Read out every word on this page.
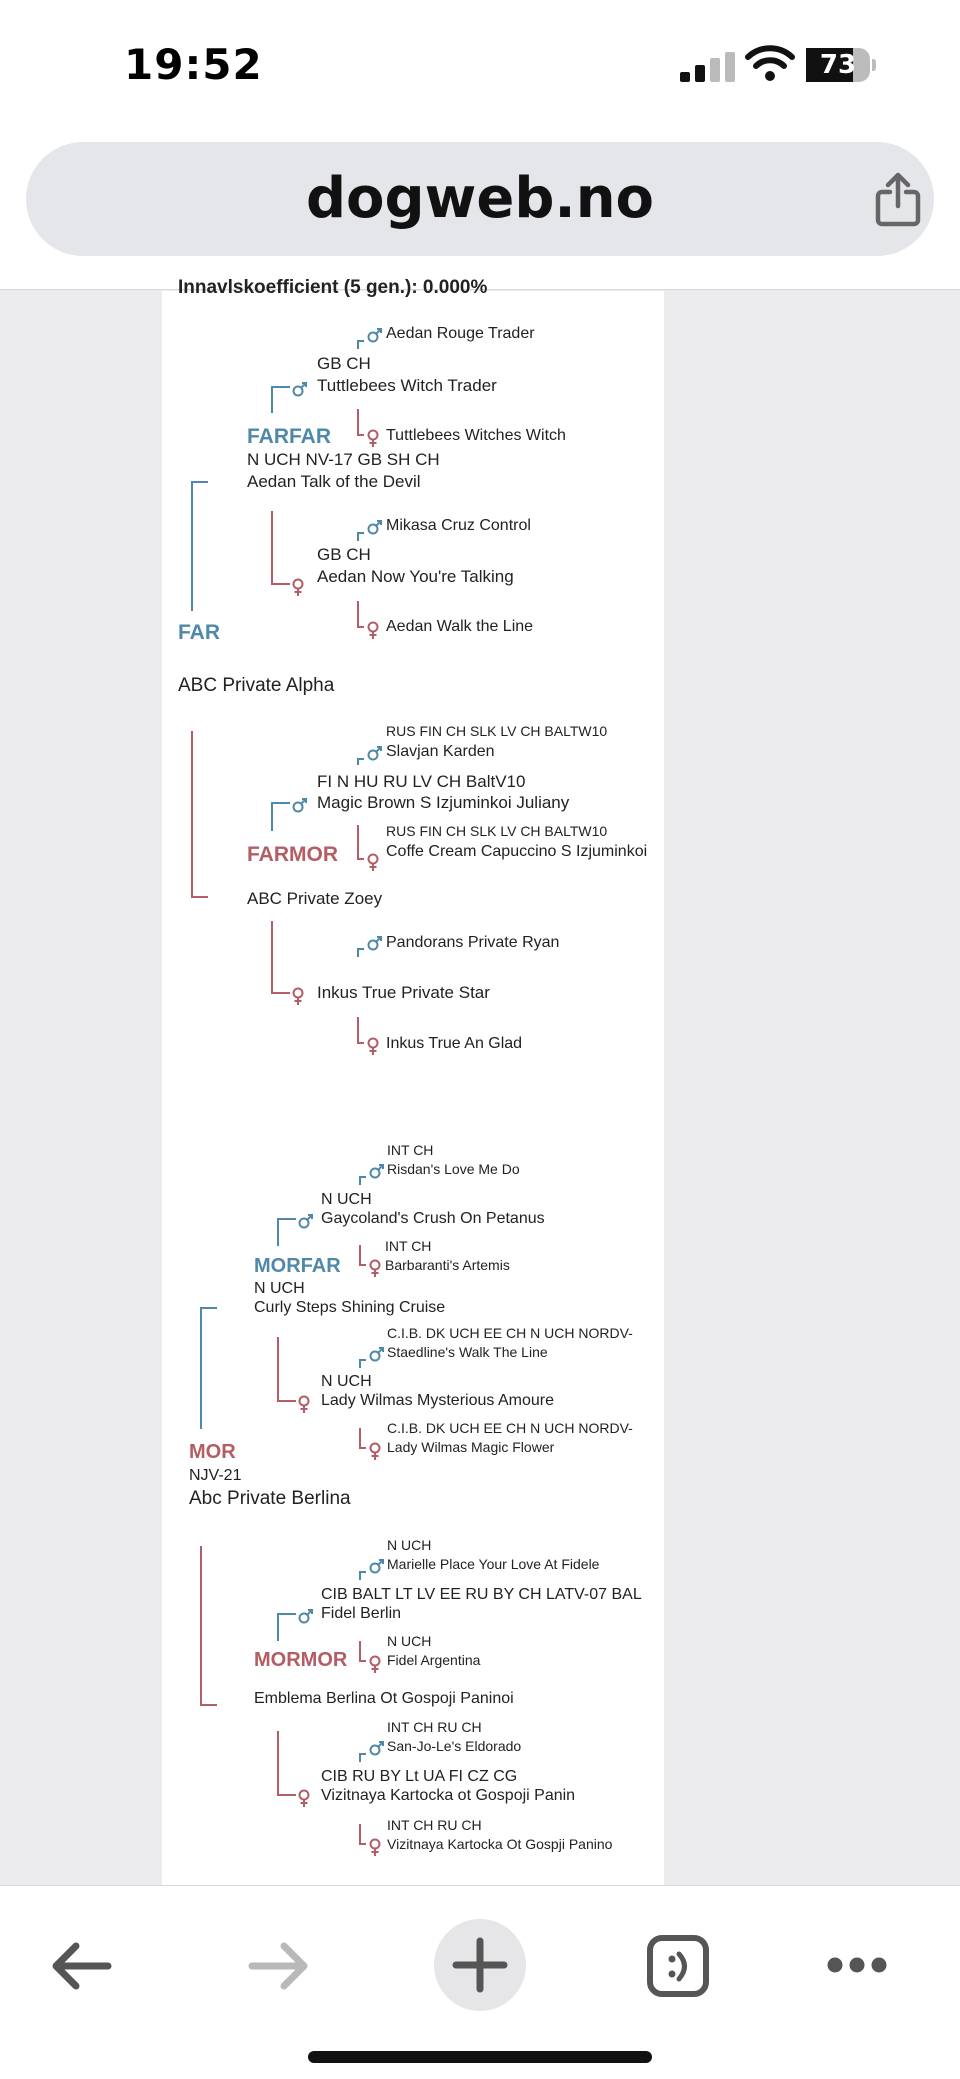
19:52	73
dogweb.no
Innavlskoefficient (5 gen.): 0.000%
Aedan Rouge Trader
Tuttlebees Witches Witch
Mikasa Cruz Control
Aedan Walk the Line
RUS FIN CH SLK LV CH BALTW10
Slavjan Karden
RUS FIN CH SLK LV CH BALTW10
Coffe Cream Capuccino S Izjuminkoi
Pandorans Private Ryan
Inkus True An Glad
INT CH
Risdan's Love Me Do
INT CH
Barbaranti's Artemis
C.I.B. DK UCH EE CH N UCH NORDV-
Staedline's Walk The Line
C.I.B. DK UCH EE CH N UCH NORDV-
Lady Wilmas Magic Flower
N UCH
Marielle Place Your Love At Fidele
N UCH
Fidel Argentina
INT CH RU CH
San-Jo-Le's Eldorado
INT CH RU CH
Vizitnaya Kartocka Ot Gospji Panino
GB CH
Tuttlebees Witch Trader
GB CH
Aedan Now You're Talking
FI N HU RU LV CH BaltV10
Magic Brown S Izjuminkoi Juliany
Inkus True Private Star
N UCH
Gaycoland's Crush On Petanus
N UCH
Lady Wilmas Mysterious Amoure
CIB BALT LT LV EE RU BY CH LATV-07 BAL
Fidel Berlin
CIB RU BY Lt UA FI CZ CG
Vizitnaya Kartocka ot Gospoji Panin
FARFAR
N UCH NV-17 GB SH CH
Aedan Talk of the Devil
FARMOR
ABC Private Zoey
MORFAR
N UCH
Curly Steps Shining Cruise
MORMOR
Emblema Berlina Ot Gospoji Paninoi
FAR
ABC Private Alpha
MOR
NJV-21
Abc Private Berlina
